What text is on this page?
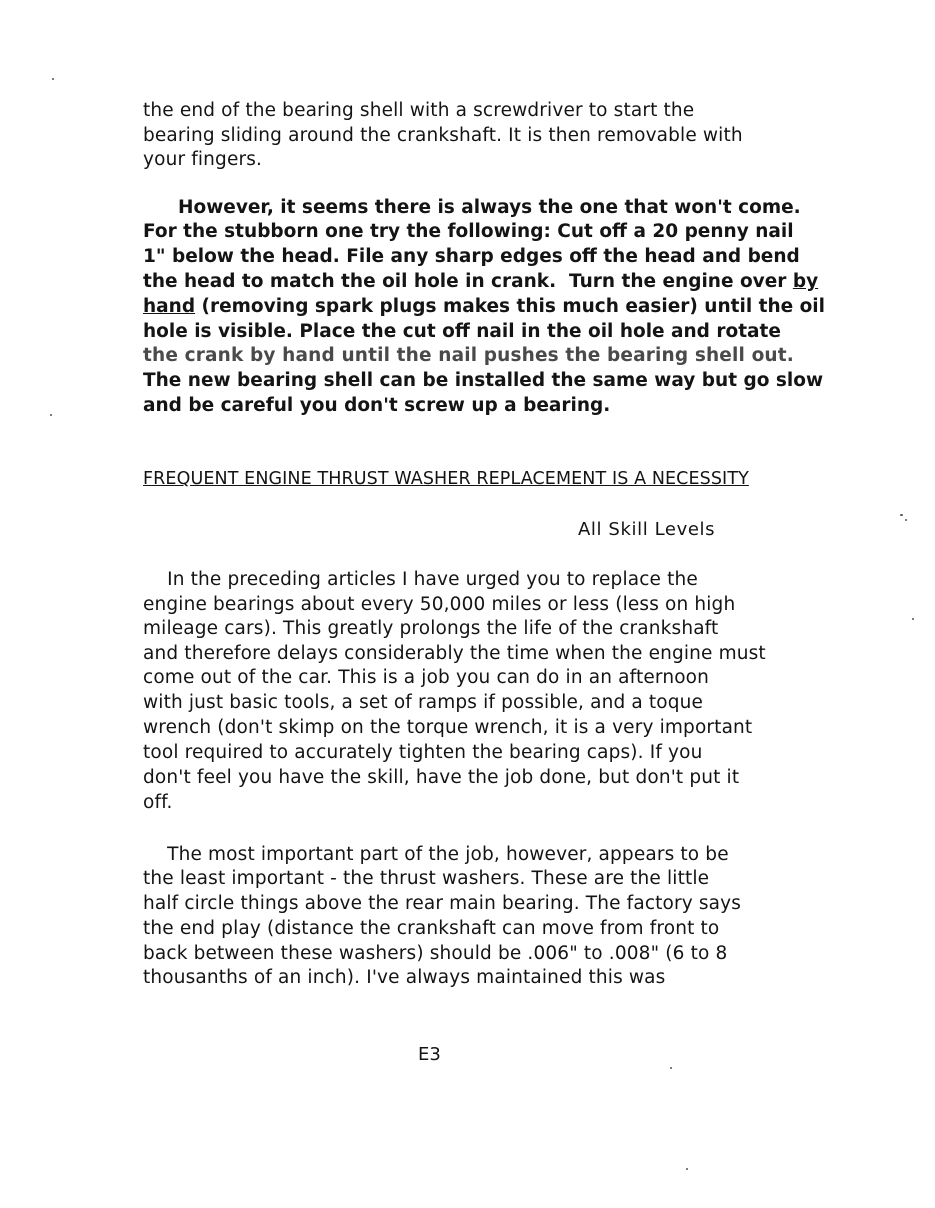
the end of the bearing shell with a screwdriver to start the
bearing sliding around the crankshaft. It is then removable with
your fingers.
However, it seems there is always the one that won't come.
For the stubborn one try the following: Cut off a 20 penny nail
1" below the head. File any sharp edges off the head and bend
the head to match the oil hole in crank.  Turn the engine over by
hand (removing spark plugs makes this much easier) until the oil
hole is visible. Place the cut off nail in the oil hole and rotate
the crank by hand until the nail pushes the bearing shell out.
The new bearing shell can be installed the same way but go slow
and be careful you don't screw up a bearing.
FREQUENT ENGINE THRUST WASHER REPLACEMENT IS A NECESSITY
All Skill Levels
In the preceding articles I have urged you to replace the
engine bearings about every 50,000 miles or less (less on high
mileage cars). This greatly prolongs the life of the crankshaft
and therefore delays considerably the time when the engine must
come out of the car. This is a job you can do in an afternoon
with just basic tools, a set of ramps if possible, and a toque
wrench (don't skimp on the torque wrench, it is a very important
tool required to accurately tighten the bearing caps). If you
don't feel you have the skill, have the job done, but don't put it
off.
The most important part of the job, however, appears to be
the least important - the thrust washers. These are the little
half circle things above the rear main bearing. The factory says
the end play (distance the crankshaft can move from front to
back between these washers) should be .006" to .008" (6 to 8
thousanths of an inch). I've always maintained this was
E3
